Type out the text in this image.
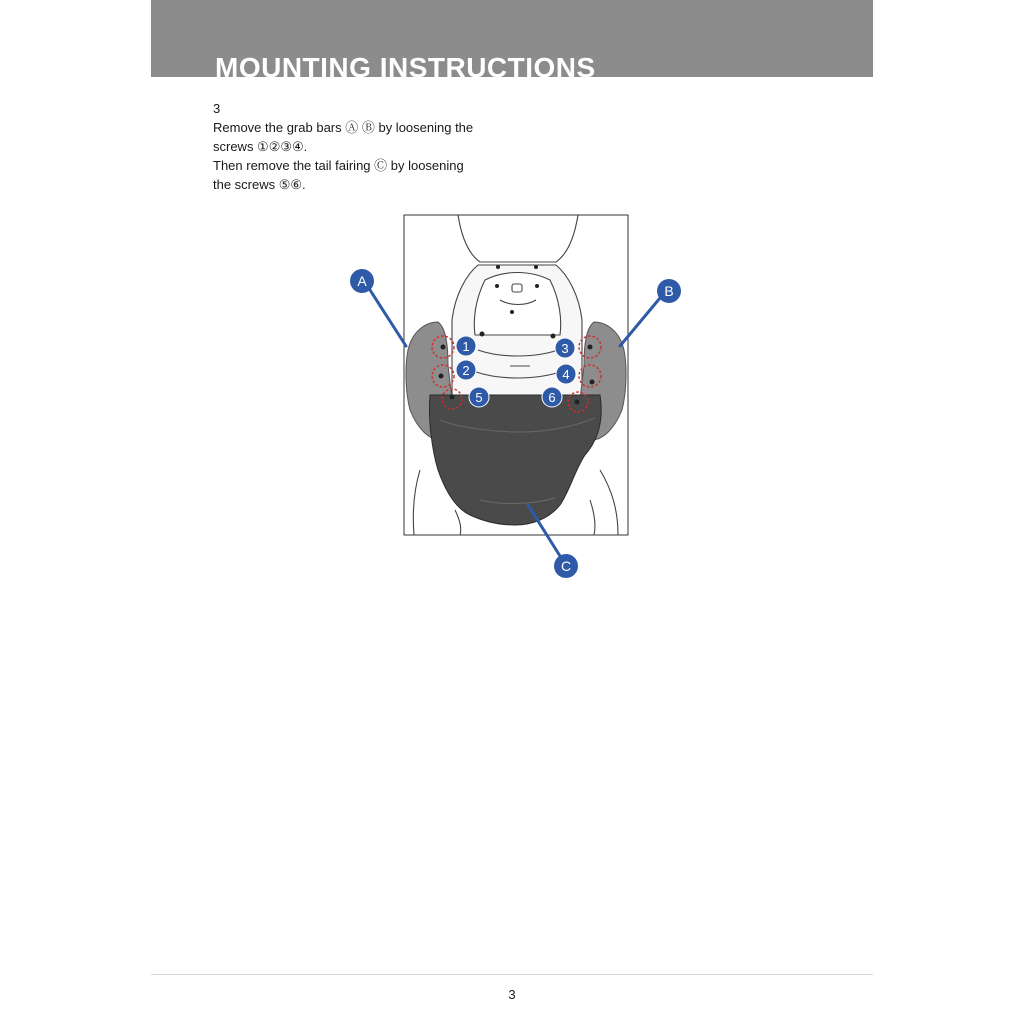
MOUNTING INSTRUCTIONS
3
Remove the grab bars Ⓐ Ⓑ by loosening the
screws ①②③④.
Then remove the tail fairing Ⓒ by loosening
the screws ⑤⑥.
A
B
C
1
2
3
4
5	6
3
